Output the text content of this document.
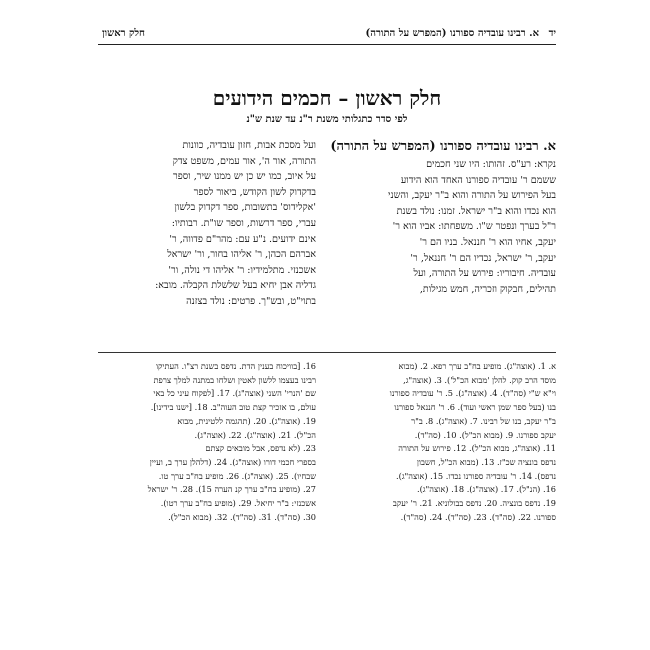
יד א. רבינו עובדיה ספורנו (המפרש על התורה)
חלק ראשון
חלק ראשון – חכמים הידועים
לפי סדר כתגלותי משנת ר"נ עד שנת ש"נ
א. רבינו עובדיה ספורנו (המפרש על התורה)
נקרא: רע"ס. זהותו: היו שני חכמים
ששמם ר' עובדיה ספורנו האחד הוא הידוע
בעל הפירוש על התורה והוא ב"ר יעקב, והשני
הוא נכדו והוא ב"ר ישראל. זמנו: נולד בשנת
ר"ל בערך ונפטר ש"ו. משפחתו: אביו הוא ר'
יעקב, אחיו הוא ר' חננאל. בניו הם ר'
יעקב, ר' ישראל, נכדיו הם ר' חננאל, ר'
עובדיה. חיבוריו: פירוש על התורה, ועל
תהילים, חבקוק וזכריה, חמש מגילות,
ועל מסכת אבות, חזון עובדיה, כוונות
התורה, אור ה', אור עמים, משפט צדק
על איוב, כמו יש כן יש ממנו שיר, וספר
בדקדוק לשון הקודש, ביאור לספר
'אקלידוס' בתשובות, ספר דקדוק בלשון
עברי, ספר דרשות, וספר שו"ת. רבותיו:
אינם ידועים. נ"ע עם: מהר"ם פדווה, ר'
אברהם הכהן, ר' אליהו בחור, ור' ישראל
אשכנזי. מתלמידיו: ר' אליהו די נולה, ור'
גדליה אבן יחיא בעל שלשלת הקבלה. מובא:
בתוי"ט, ובש"ך. פרטים: נולד בצזנה
א. 1. (אוצה"ג). מופיע בח"ב ערך רפא. 2. (מבוא
מוסד הרב קוק. להלן 'מבוא הכ"ל'). 3. (אוצה"ג,
וי"א ש"י (סה"ד). 4. (אוצה"ג). 5. ר' עובדיה ספורנו
בנו (בעל ספר שמן ראשי ועוד). 6. ר' חננאל ספורנו
ב"ר יעקב, בנו של רבינו. 7. (אוצה"ג). 8. ב"ר
יעקב ספורנו. 9. (מבוא הכ"ל). 10. (סה"ד).
11. (אוצה"ג, מבוא הכ"ל). 12. פירוש על התורה
נדפס בונציה שכ"ז. 13. (מבוא הכ"ל, חשבון
נדפס). 14. ר' עובדיה ספורנו נכדו. 15. (אוצה"ג).
16. (הנ"ל). 17. (אוצה"ג). 18. (אוצה"ג).
19. נדפס בונציה. 20. נדפס בבולוניא. 21. ר' יעקב
ספורנו. 22. (סה"ד). 23. (סה"ד). 24. (סה"ד).
16. [בוויכוח בענין הדת. נדפס בשנת רצ"ו. העתיקו
רבינו בעצמו ללשון לאטין ושלחו במתנה למלך צרפת
שם 'הנרי' השני (אוצה"ג). 17. [לפקוח עיני כל באי
עולם, בו אזכיר קצת טוב העוה"ב. 18. [ישנו בידינו].
19. (אוצה"ג). 20. (תהגמה ללטינית, מבוא
הכ"ל). 21. (אוצה"ג). 22. (אוצה"ג).
23. (לא נדפס, אבל מובאים קצתם
בספרי חכמי דורו (אוצה"ג). 24. (דלהלן ערך ב, ועיין
שבחיו). 25. (אוצה"ג). 26. מופיע בח"ב ערך טו.
27. (מופיע בח"ב ערך קנ הערה 15). 28. ר' ישראל
אשכנזי: ב"ר יחיאל. 29. (מופיע בח"ב ערך רטו).
30. (סה"ד). 31. (סה"ד). 32. (מבוא הכ"ל).
